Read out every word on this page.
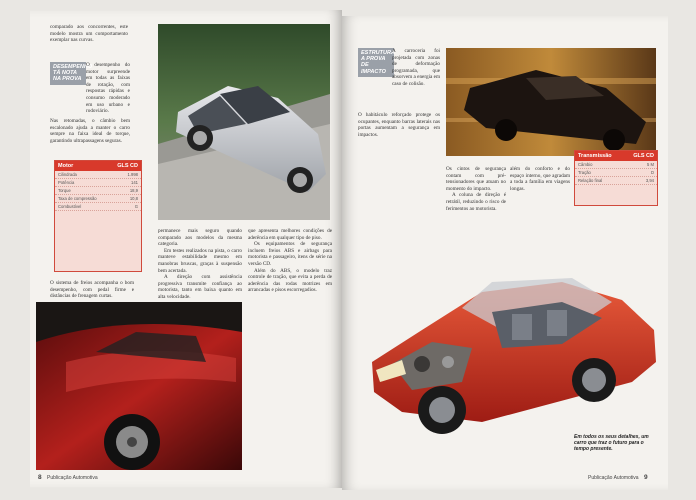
comparado aos concorrentes, este modelo mostra um comportamento exemplar nas curvas.

DESEMPENHO
TÁ NOTA
NA PROVA

O desempenho do motor surpreende em todas as faixas de rotação, com respostas rápidas e consumo moderado em uso urbano e rodoviário.

Nas retomadas, o câmbio bem escalonado ajuda a manter o carro sempre na faixa ideal de torque, garantindo ultrapassagens seguras.

Motor	GLS CD
Cilindrada	1.998
Potência	141
Torque	18,9
Taxa de compressão	10,8
Combustível	G

O sistema de freios acompanha o bom desempenho, com pedal firme e distâncias de frenagem curtas.

permanece mais seguro quando comparado aos modelos da mesma categoria.

Em testes realizados na pista, o carro manteve estabilidade mesmo em manobras bruscas, graças à suspensão bem acertada.

A direção com assistência progressiva transmite confiança ao motorista, tanto em baixa quanto em alta velocidade.

que apresenta melhores condições de aderência em qualquer tipo de piso.

Os equipamentos de segurança incluem freios ABS e airbags para motorista e passageiro, itens de série na versão CD.

Além do ABS, o modelo traz controle de tração, que evita a perda de aderência das rodas motrizes em arrancadas e pisos escorregadios.

8 Publicação Automotiva
ESTRUTURA
A PROVA
DE IMPACTO

A carroceria foi projetada com zonas de deformação programada, que absorvem a energia em caso de colisão.

O habitáculo reforçado protege os ocupantes, enquanto barras laterais nas portas aumentam a segurança em impactos.

Transmissão	GLS CD
Câmbio	5 M
Tração	D
Relação final	3,94

Os cintos de segurança contam com pré-tensionadores que atuam no momento do impacto.

A coluna de direção é retrátil, reduzindo o risco de ferimentos ao motorista.

além do conforto e do espaço interno, que agradam a toda a família em viagens longas.

Em todos os seus detalhes, um carro que traz o futuro para o tempo presente.
Publicação Automotiva 9
